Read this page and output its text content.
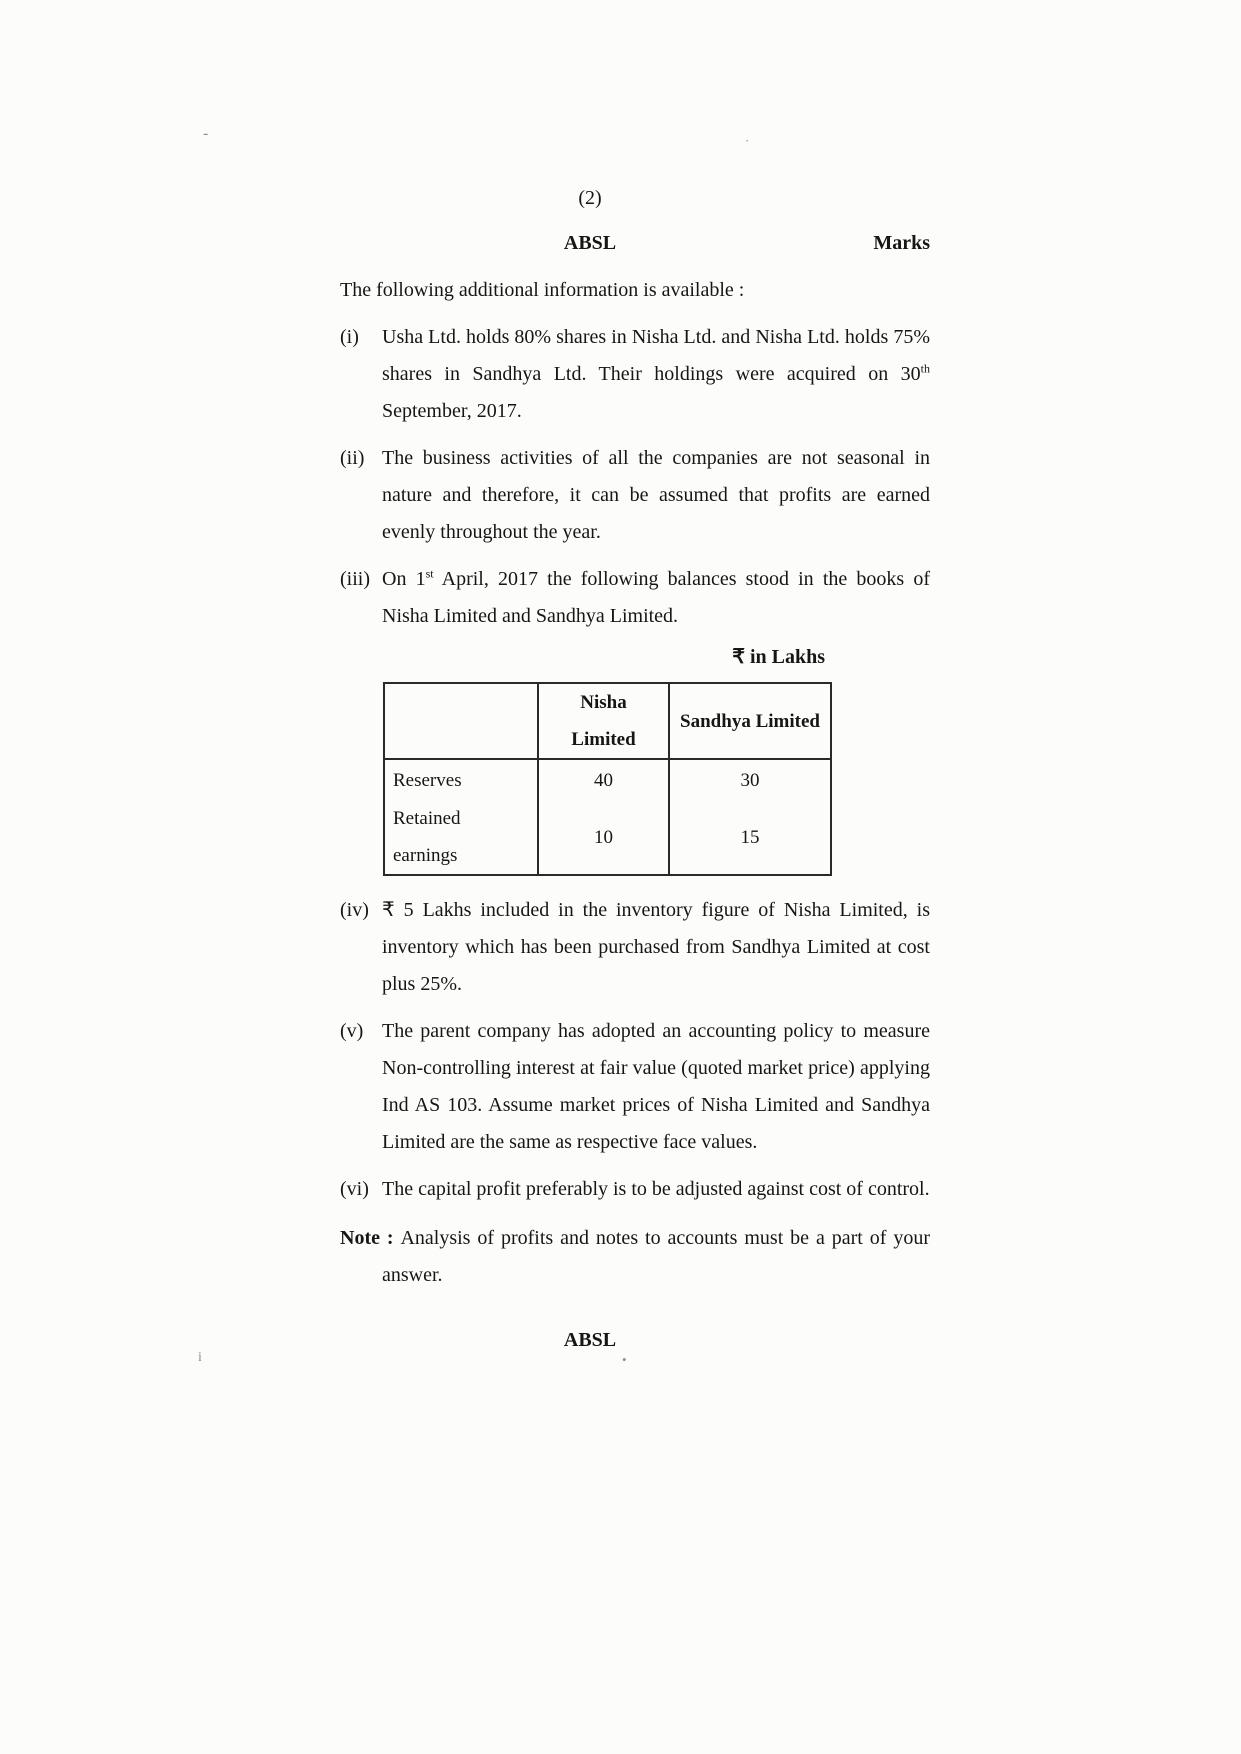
-	·
i	•
(2)
ABSL	Marks
The following additional information is available :
(i)	Usha Ltd. holds 80% shares in Nisha Ltd. and Nisha Ltd. holds 75% shares in Sandhya Ltd. Their holdings were acquired on 30th September, 2017.

(ii) The business activities of all the companies are not seasonal in nature and therefore, it can be assumed that profits are earned evenly throughout the year.

(iii) On 1st April, 2017 the following balances stood in the books of Nisha Limited and Sandhya Limited.

₹ in Lakhs
	Nisha Limited	Sandhya Limited
Reserves	40	30
Retained earnings	10	15
(iv) ₹ 5 Lakhs included in the inventory figure of Nisha Limited, is inventory which has been purchased from Sandhya Limited at cost plus 25%.

(v) The parent company has adopted an accounting policy to measure Non-controlling interest at fair value (quoted market price) applying Ind AS 103. Assume market prices of Nisha Limited and Sandhya Limited are the same as respective face values.

(vi) The capital profit preferably is to be adjusted against cost of control.

Note : Analysis of profits and notes to accounts must be a part of your answer.

ABSL
